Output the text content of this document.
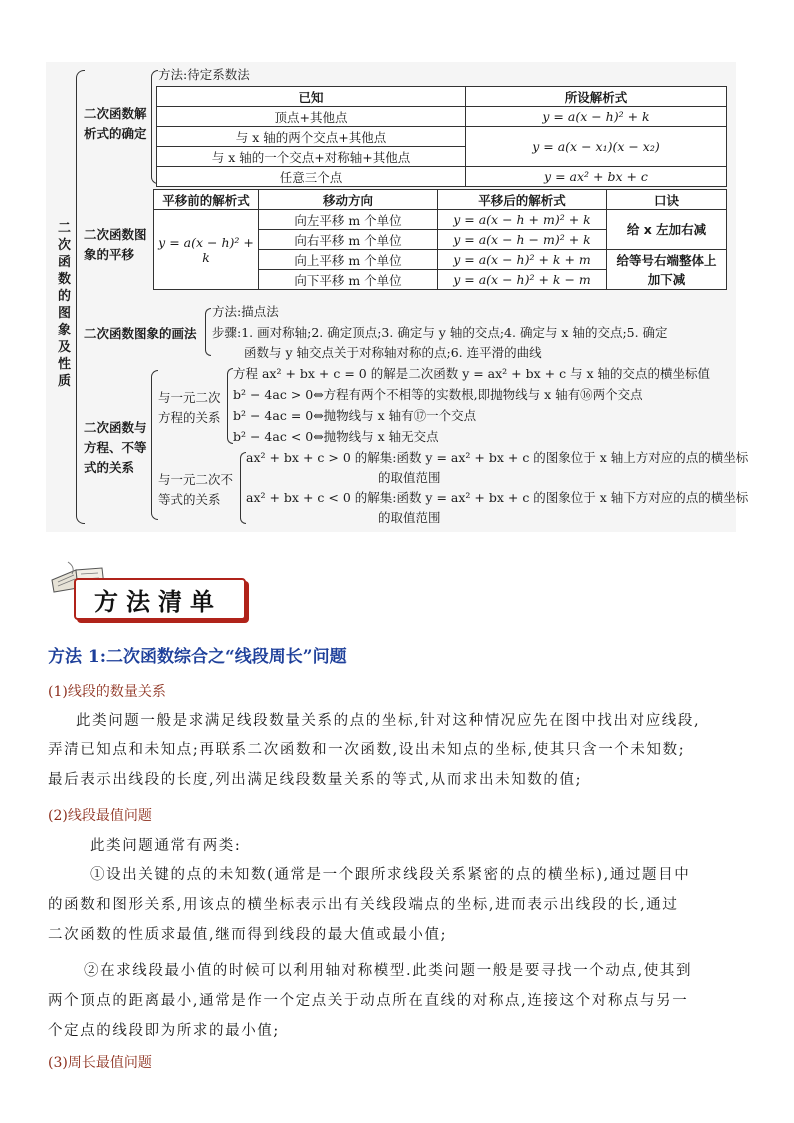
二次函数的图象及性质
二次函数解析式的确定
方法:待定系数法
已知	所设解析式
顶点+其他点	y = a(x − h)² + k
与 x 轴的两个交点+其他点	y = a(x − x₁)(x − x₂)
与 x 轴的一个交点+对称轴+其他点	
任意三个点	y = ax² + bx + c
二次函数图象的平移
平移前的解析式	移动方向	平移后的解析式	口诀
y = a(x − h)² + k	向左平移 m 个单位	y = a(x − h + m)² + k	给 x 左加右减
	向右平移 m 个单位	y = a(x − h − m)² + k	
	向上平移 m 个单位	y = a(x − h)² + k + m	给等号右端整体上加下减
	向下平移 m 个单位	y = a(x − h)² + k − m	
二次函数图象的画法
方法:描点法
步骤:1. 画对称轴;2. 确定顶点;3. 确定与 y 轴的交点;4. 确定与 x 轴的交点;5. 确定
函数与 y 轴交点关于对称轴对称的点;6. 连平滑的曲线
二次函数与方程、不等式的关系
与一元二次方程的关系
方程 ax² + bx + c = 0 的解是二次函数 y = ax² + bx + c 与 x 轴的交点的横坐标值
b² − 4ac > 0⇔方程有两个不相等的实数根,即抛物线与 x 轴有⑯两个交点
b² − 4ac = 0⇔抛物线与 x 轴有⑰一个交点
b² − 4ac < 0⇔抛物线与 x 轴无交点
与一元二次不等式的关系
ax² + bx + c > 0 的解集:函数 y = ax² + bx + c 的图象位于 x 轴上方对应的点的横坐标
的取值范围
ax² + bx + c < 0 的解集:函数 y = ax² + bx + c 的图象位于 x 轴下方对应的点的横坐标
的取值范围
方法清单
方法 1:二次函数综合之“线段周长”问题
(1)线段的数量关系
此类问题一般是求满足线段数量关系的点的坐标,针对这种情况应先在图中找出对应线段,
弄清已知点和未知点;再联系二次函数和一次函数,设出未知点的坐标,使其只含一个未知数;
最后表示出线段的长度,列出满足线段数量关系的等式,从而求出未知数的值;
(2)线段最值问题
此类问题通常有两类:
①设出关键的点的未知数(通常是一个跟所求线段关系紧密的点的横坐标),通过题目中
的函数和图形关系,用该点的横坐标表示出有关线段端点的坐标,进而表示出线段的长,通过
二次函数的性质求最值,继而得到线段的最大值或最小值;
②在求线段最小值的时候可以利用轴对称模型.此类问题一般是要寻找一个动点,使其到
两个顶点的距离最小,通常是作一个定点关于动点所在直线的对称点,连接这个对称点与另一
个定点的线段即为所求的最小值;
(3)周长最值问题
